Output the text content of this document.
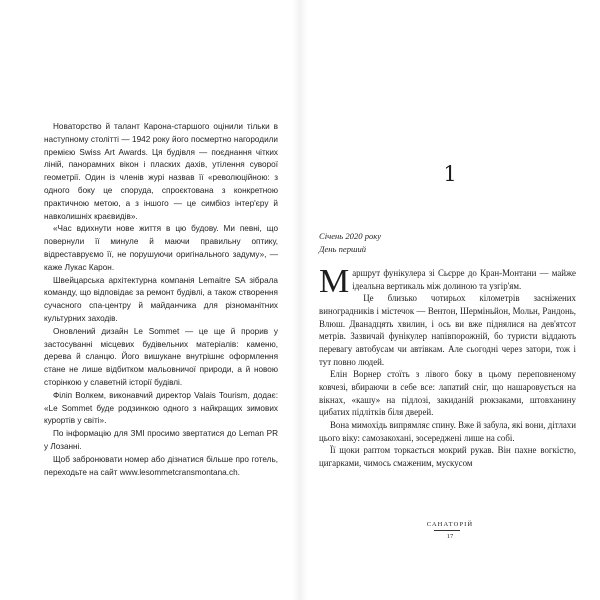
Новаторство й талант Карона-старшого оцінили тільки в наступному столітті — 1942 року його посмертно нагородили премією Swiss Art Awards. Ця будівля — поєднання чітких ліній, панорамних вікон і пласких дахів, утілення суворої геометрії. Один із членів журі назвав її «революційною: з одного боку це споруда, спроєктована з конкретною практичною метою, а з іншого — це симбіоз інтер'єру й навколишніх краєвидів».

«Час вдихнути нове життя в цю будову. Ми певні, що повернули її минуле й маючи правильну оптику, відреставруємо її, не порушуючи оригінального задуму», — каже Лукас Карон.

Швейцарська архітектурна компанія Lemaitre SA зібрала команду, що відповідає за ремонт будівлі, а також створення сучасного спа-центру й майданчика для різноманітних культурних заходів.

Оновлений дизайн Le Sommet — це ще й прорив у застосуванні місцевих будівельних матеріалів: каменю, дерева й сланцю. Його вишукане внутрішнє оформлення стане не лише відбитком мальовничої природи, а й новою сторінкою у славетній історії будівлі.

Філіп Волкем, виконавчий директор Valais Tourism, додає: «Le Sommet буде родзинкою одного з найкращих зимових курортів у світі».

По інформацію для ЗМІ просимо звертатися до Leman PR у Лозанні.

Щоб забронювати номер або дізнатися більше про готель, переходьте на сайт www.lesommetcransmontana.ch.

1
Січень 2020 року
День перший

Маршрут фунікулера зі Сьєрре до Кран-Монтани — майже ідеальна вертикаль між долиною та узгір'ям.

Це близько чотирьох кілометрів засніжених виноградників і містечок — Вентон, Шерміньйон, Мольн, Рандонь, Влюш. Дванадцять хвилин, і ось ви вже піднялися на дев'ятсот метрів. Зазвичай фунікулер напівпорожній, бо туристи віддають перевагу автобусам чи автівкам. Але сьогодні через затори, тож і тут повно людей.

Елін Ворнер стоїть з лівого боку в цьому переповненому ковчезі, вбираючи в себе все: лапатий сніг, що нашаровується на вікнах, «кашу» на підлозі, закиданій рюкзаками, штовханину цибатих підлітків біля дверей.

Вона мимохідь випрямляє спину. Вже й забула, які вони, дітлахи цього віку: самозакохані, зосереджені лише на собі.

Її щоки раптом торкається мокрий рукав. Він пахне вогкістю, цигарками, чимось смаженим, мускусом

САНАТОРІЙ
17
